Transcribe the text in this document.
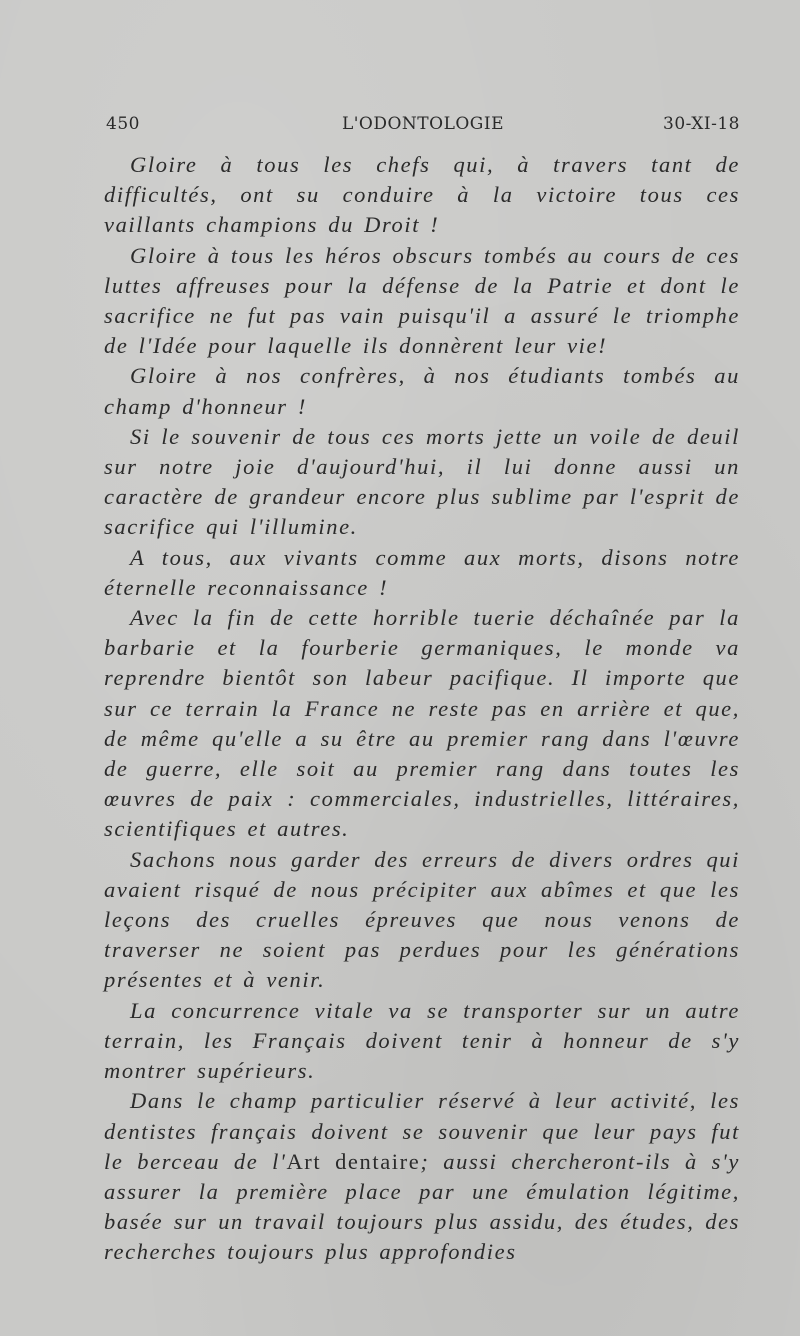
450	L'ODONTOLOGIE	30-XI-18

Gloire à tous les chefs qui, à travers tant de difficultés, ont su conduire à la victoire tous ces vaillants champions du Droit !

Gloire à tous les héros obscurs tombés au cours de ces luttes affreuses pour la défense de la Patrie et dont le sacrifice ne fut pas vain puisqu'il a assuré le triomphe de l'Idée pour laquelle ils donnèrent leur vie!

Gloire à nos confrères, à nos étudiants tombés au champ d'honneur !

Si le souvenir de tous ces morts jette un voile de deuil sur notre joie d'aujourd'hui, il lui donne aussi un caractère de grandeur encore plus sublime par l'esprit de sacrifice qui l'illumine.

A tous, aux vivants comme aux morts, disons notre éternelle reconnaissance !

Avec la fin de cette horrible tuerie déchaînée par la barbarie et la fourberie germaniques, le monde va reprendre bientôt son labeur pacifique. Il importe que sur ce terrain la France ne reste pas en arrière et que, de même qu'elle a su être au premier rang dans l'œuvre de guerre, elle soit au premier rang dans toutes les œuvres de paix : commerciales, industrielles, littéraires, scientifiques et autres.

Sachons nous garder des erreurs de divers ordres qui avaient risqué de nous précipiter aux abîmes et que les leçons des cruelles épreuves que nous venons de traverser ne soient pas perdues pour les générations présentes et à venir.

La concurrence vitale va se transporter sur un autre terrain, les Français doivent tenir à honneur de s'y montrer supérieurs.

Dans le champ particulier réservé à leur activité, les dentistes français doivent se souvenir que leur pays fut le berceau de l'Art dentaire; aussi chercheront-ils à s'y assurer la première place par une émulation légitime, basée sur un travail toujours plus assidu, des études, des recherches toujours plus approfondies
